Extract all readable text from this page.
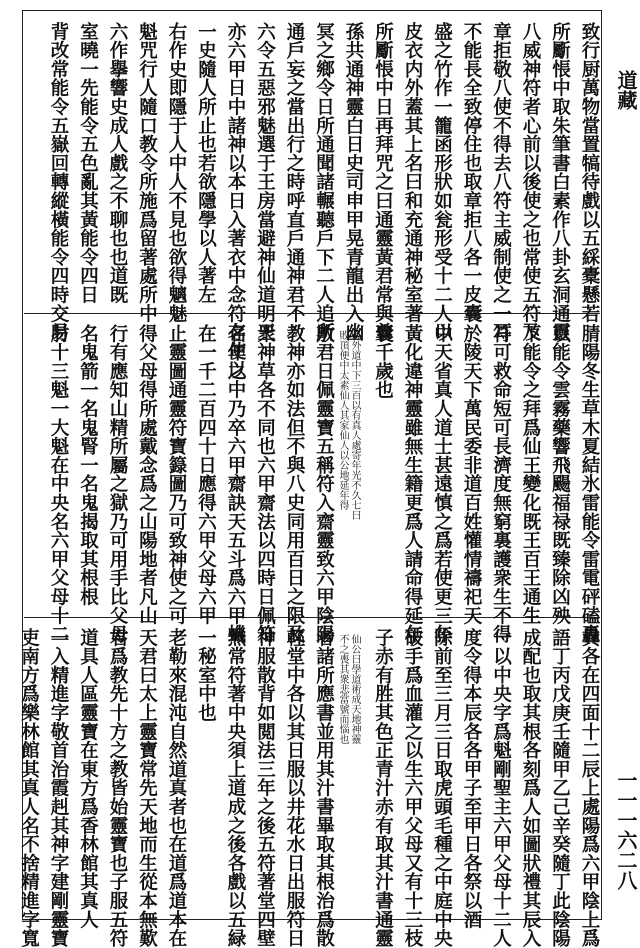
道藏
一一一六二八
致行厨萬物當置犒待戲以五綵橐懸若
所斸悵中取朱筆書白素作八卦玄洞通靈
八威神符者心前以後使之也常使五符及
章拒敬八使不得去八符主威制使之一耳
不能長全致停住也取章拒八各一皮囊
盛之竹作一籠函形狀如瓮形受十二人以
皮衣内外蓋其上名曰和充通神秘室著
所斸悵中日再拜咒之曰通靈黃君常與曾
孫共通神靈白日史司申甲晃青龍出入幽
冥之鄉令日所通聞諸輾聽戶下二人追所
通戶妄之當出行之時呼直戶通神君不
六令五惡邪魅選于王房當避神仙道明王
亦六甲日中諸神以本日入著衣中念符存使以
一史隨人所止也若欲隱學以人著左
右作史即隱于人中人不見也欲得魑魅
魁咒行人隨口教令所施爲留著處所中
六作擧響史成人戲之不聊也也道既
室曉一先能令五色亂其黃能令四日
背改常能令五嶽回轉縱橫能令四時交易
腈陽冬生草木夏結氷雷能令雷電砰磕轟
以能令雲霧藥響飛颺福禄既臻除凶殃
下能令之拜爲仙王變化既王百王通生
符可救命短可長濟度無窮裏護衆生不得
於陵天下萬民委非道百姓懽情禱祀天
中天省真人道士甚遠慎之爲若使更三年
黃化違神靈雖無生籍更爲人請命得延年
囊千歲也
孫外道中下三百以有真人處寄年光不久七曰
敗頂便中太素仙人其家仙人以公地延年得
敷君日佩靈寶五稱符入齋靈致六甲陰陽
教神亦如法但不與八史同用百日之限及
衆神草各不同也六甲齋法以四時日佩符
名年之中乃卒六甲齋訣天五斗爲六甲蟣
在一千二百四十日應得六甲父母六甲
止靈圖通靈符寶籙圖乃可致神使之可
得父母得所處戴念爲之山陽地者凡山
行有應知山精所屬之獄乃可用手比父母
名鬼箭一名鬼腎一名鬼揭取其根根
肘十三魁一大魁在中央名六甲父母十二
異各在四面十二辰上處陽爲六甲陰上爲
語丁丙戊庚壬隨甲乙己辛癸隨丁此陰陽
成配也取其根各刻爲人如圖狀禮其辰入
一以中央字爲魁剛聖主六甲父母十二人
度令得本辰各各甲子至甲日各祭以酒
除前至三月三日取虎頭毛種之中庭中央
破手爲血灌之以生六甲父母又有十三枝
子赤有胜其色正青汁赤有取其汁書通靈
仙公曰學道術成天地神靈
不之喪其衆悲當號而惱也
者諸所應書並用其汁書畢取其根治爲散
輕堂中各以其日服以井花水日出服符日
神服散背如閲法三年之後五符著堂四壁
無常符著中央須上道成之後各戲以五緑
一秘室中也
老勒來混沌自然道真者也在道爲道本在
天君曰太上靈寶常先天地而生從本無歎
君爲教先十方之教皆始靈寶也子服五符
道具人區靈寶在東方爲香林館其真人
一入精進字敬首治霞赳其神字建剛靈寶
吏南方爲樂林館其真人名不捨精進字寬
